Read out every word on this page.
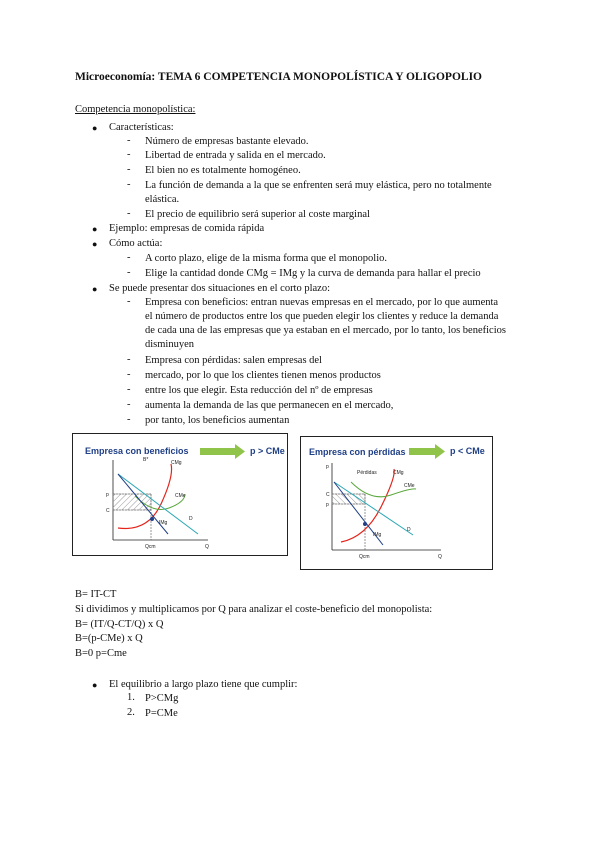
Microeconomía: TEMA 6 COMPETENCIA MONOPOLÍSTICA Y OLIGOPOLIO
Competencia monopolística:
● Características:
- Número de empresas bastante elevado.
- Libertad de entrada y salida en el mercado.
- El bien no es totalmente homogéneo.
- La función de demanda a la que se enfrenten será muy elástica, pero no totalmente
elástica.
- El precio de equilibrio será superior al coste marginal
● Ejemplo: empresas de comida rápida
● Cómo actúa:
- A corto plazo, elige de la misma forma que el monopolio.
- Elige la cantidad donde CMg = IMg y la curva de demanda para hallar el precio
● Se puede presentar dos situaciones en el corto plazo:
- Empresa con beneficios: entran nuevas empresas en el mercado, por lo que aumenta
el número de productos entre los que pueden elegir los clientes y reduce la demanda
de cada una de las empresas que ya estaban en el mercado, por lo tanto, los beneficios
disminuyen
- Empresa con pérdidas: salen empresas del
- mercado, por lo que los clientes tienen menos productos
- entre los que elegir. Esta reducción del nº de empresas
- aumenta la demanda de las que permanecen en el mercado,
- por tanto, los beneficios aumentan
Empresa con beneficios	p > CMe
B*	CMg
CMe
p
C
IMg
D
Q
Qcm
Empresa con pérdidas	p < CMe
p
Pérdidas	CMg
CMe
C
p
IMg
D
Q
Qcm
B= IT-CT
Si dividimos y multiplicamos por Q para analizar el coste-beneficio del monopolista:
B= (IT/Q-CT/Q) x Q
B=(p-CMe) x Q
B=0 p=Cme
● El equilibrio a largo plazo tiene que cumplir:
1. P>CMg
2. P=CMe
